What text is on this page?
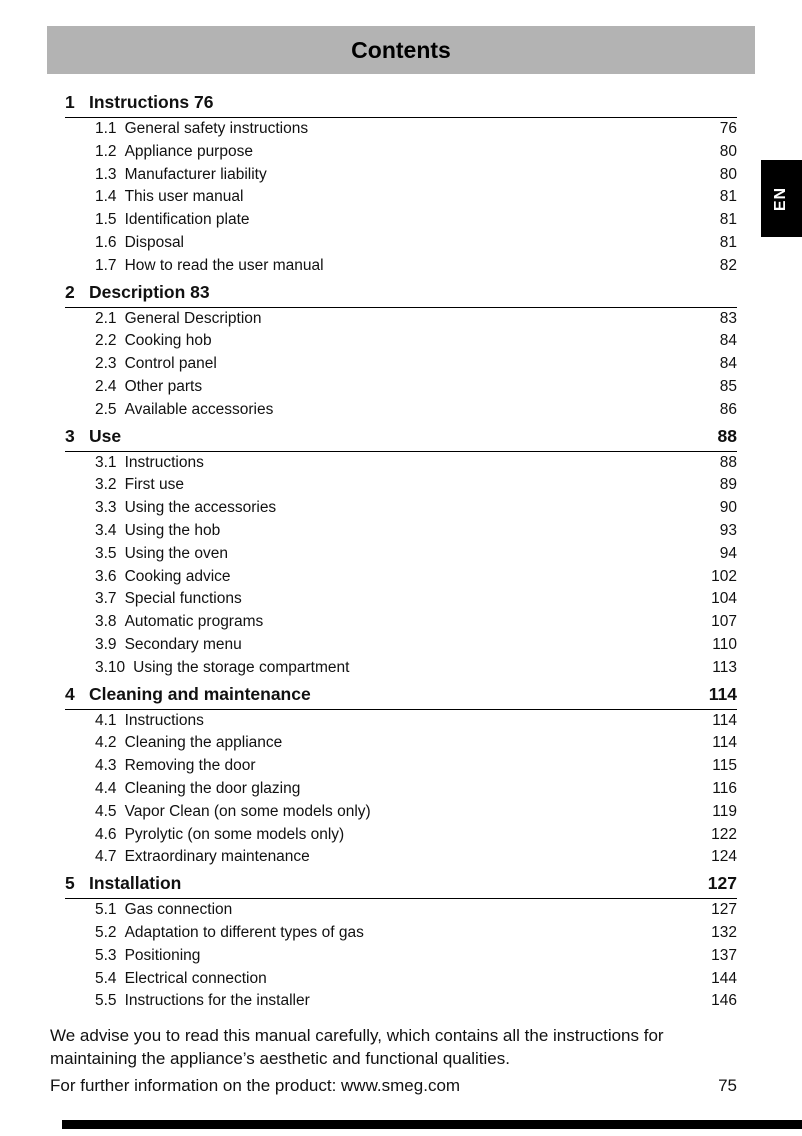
Contents
EN
1 Instructions 76
1.1 General safety instructions	76
1.2 Appliance purpose	80
1.3 Manufacturer liability	80
1.4 This user manual	81
1.5 Identification plate	81
1.6 Disposal	81
1.7 How to read the user manual	82
2 Description 83
2.1 General Description	83
2.2 Cooking hob	84
2.3 Control panel	84
2.4 Other parts	85
2.5 Available accessories	86
3 Use	88
3.1 Instructions	88
3.2 First use	89
3.3 Using the accessories	90
3.4 Using the hob	93
3.5 Using the oven	94
3.6 Cooking advice	102
3.7 Special functions	104
3.8 Automatic programs	107
3.9 Secondary menu	110
3.10 Using the storage compartment	113
4 Cleaning and maintenance	114
4.1 Instructions	114
4.2 Cleaning the appliance	114
4.3 Removing the door	115
4.4 Cleaning the door glazing	116
4.5 Vapor Clean (on some models only)	119
4.6 Pyrolytic (on some models only)	122
4.7 Extraordinary maintenance	124
5 Installation	127
5.1 Gas connection	127
5.2 Adaptation to different types of gas	132
5.3 Positioning	137
5.4 Electrical connection	144
5.5 Instructions for the installer	146

We advise you to read this manual carefully, which contains all the instructions for maintaining the appliance’s aesthetic and functional qualities.

For further information on the product: www.smeg.com	75
